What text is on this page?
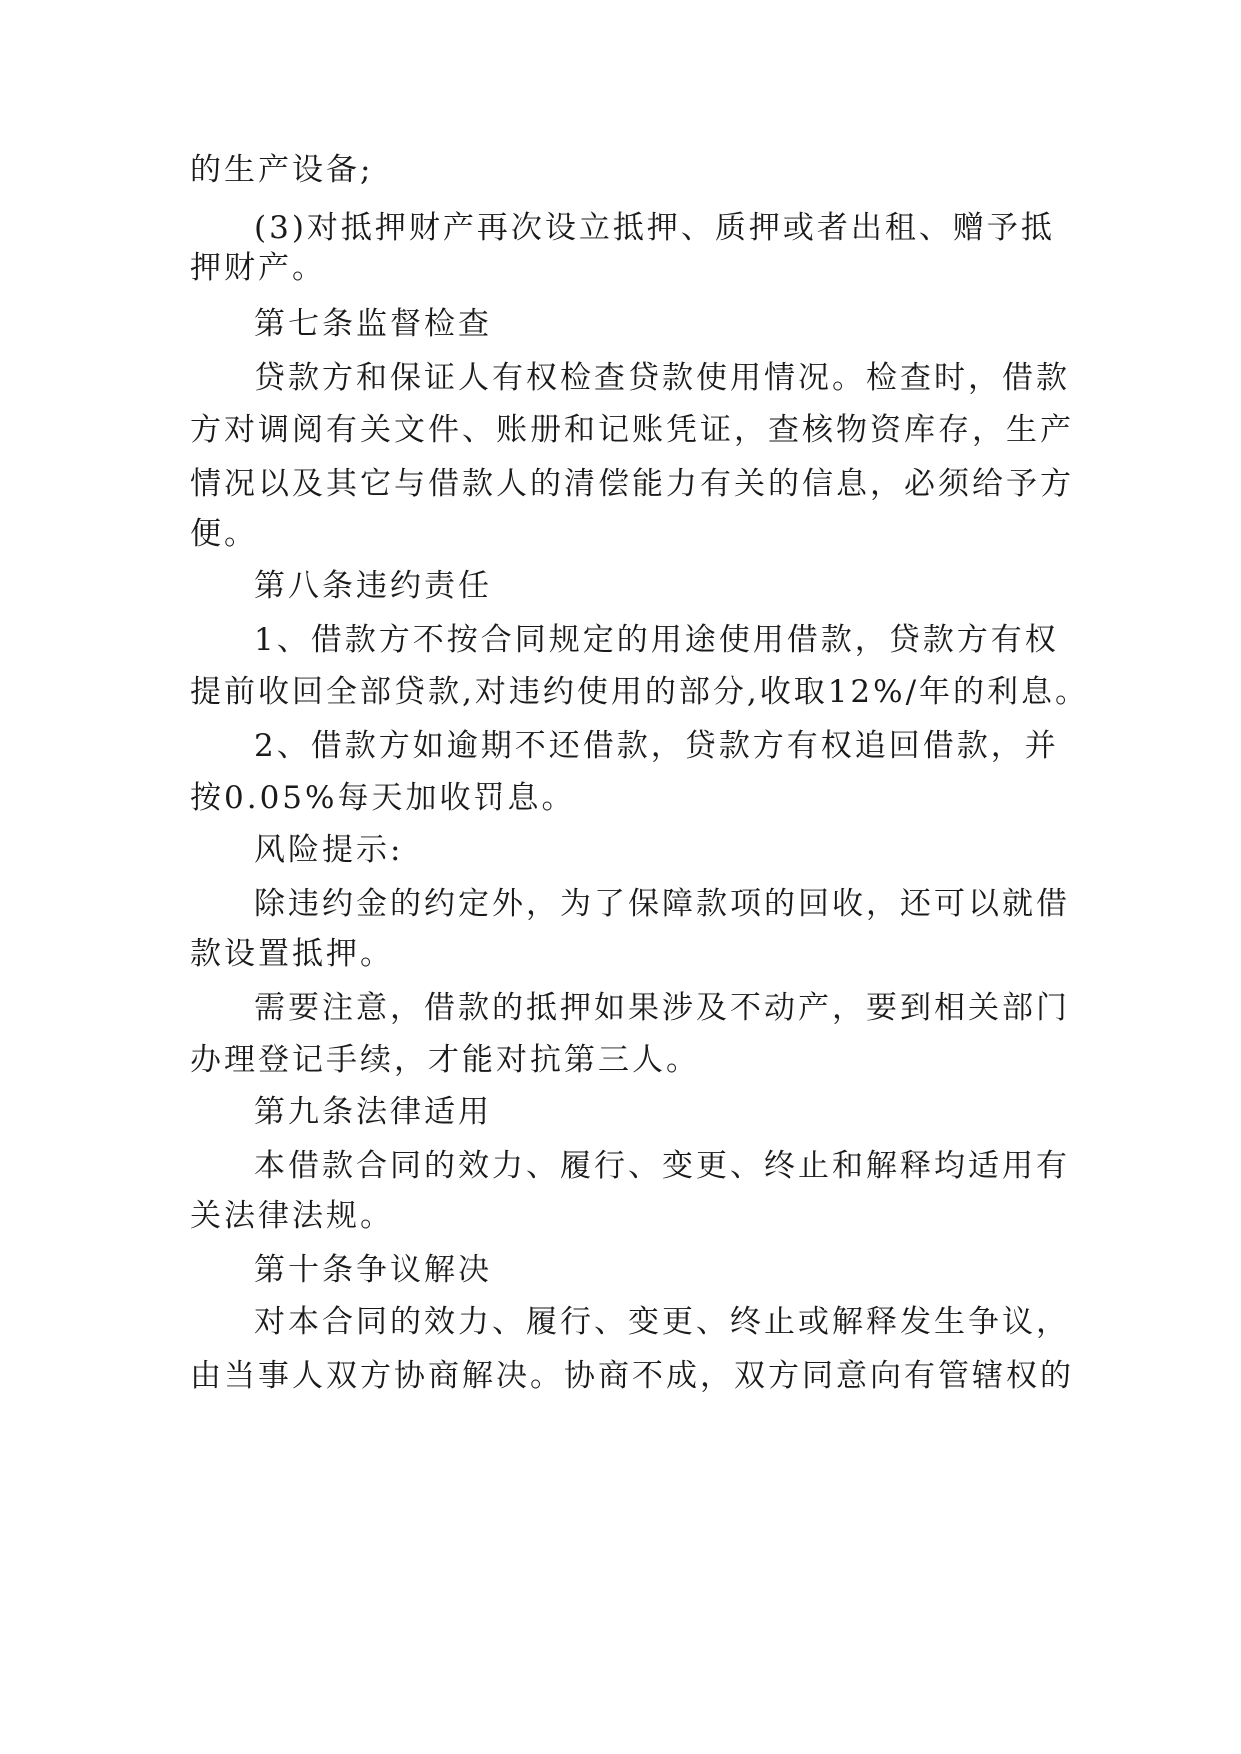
的生产设备;
(3)对抵押财产再次设立抵押、质押或者出租、赠予抵
押财产。
第七条监督检查
贷款方和保证人有权检查贷款使用情况。检查时，借款
方对调阅有关文件、账册和记账凭证，查核物资库存，生产
情况以及其它与借款人的清偿能力有关的信息，必须给予方
便。
第八条违约责任
1、借款方不按合同规定的用途使用借款，贷款方有权
提前收回全部贷款,对违约使用的部分,收取12%/年的利息。
2、借款方如逾期不还借款，贷款方有权追回借款，并
按0.05%每天加收罚息。
风险提示:
除违约金的约定外，为了保障款项的回收，还可以就借
款设置抵押。
需要注意，借款的抵押如果涉及不动产，要到相关部门
办理登记手续，才能对抗第三人。
第九条法律适用
本借款合同的效力、履行、变更、终止和解释均适用有
关法律法规。
第十条争议解决
对本合同的效力、履行、变更、终止或解释发生争议，
由当事人双方协商解决。协商不成，双方同意向有管辖权的
